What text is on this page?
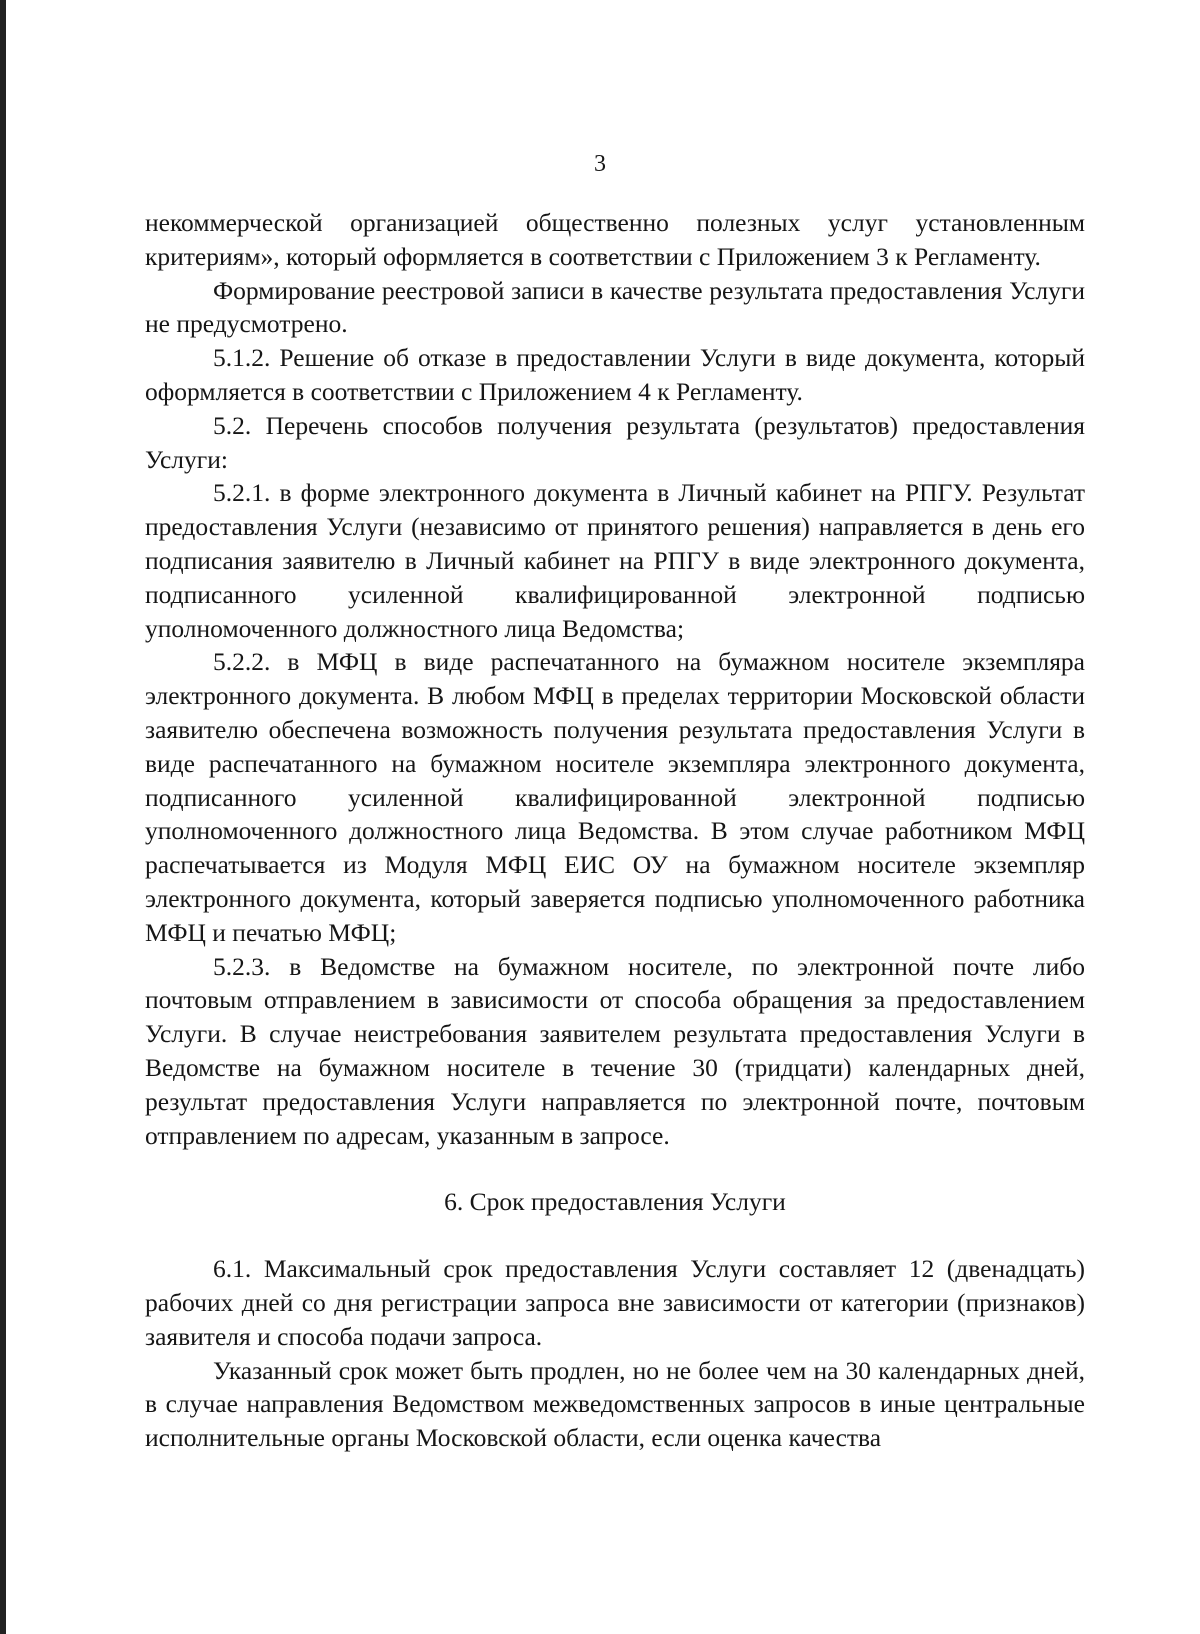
3

некоммерческой организацией общественно полезных услуг установленным критериям», который оформляется в соответствии с Приложением 3 к Регламенту.

Формирование реестровой записи в качестве результата предоставления Услуги не предусмотрено.

5.1.2. Решение об отказе в предоставлении Услуги в виде документа, который оформляется в соответствии с Приложением 4 к Регламенту.

5.2. Перечень способов получения результата (результатов) предоставления Услуги:

5.2.1. в форме электронного документа в Личный кабинет на РПГУ. Результат предоставления Услуги (независимо от принятого решения) направляется в день его подписания заявителю в Личный кабинет на РПГУ в виде электронного документа, подписанного усиленной квалифицированной электронной подписью уполномоченного должностного лица Ведомства;

5.2.2. в МФЦ в виде распечатанного на бумажном носителе экземпляра электронного документа. В любом МФЦ в пределах территории Московской области заявителю обеспечена возможность получения результата предоставления Услуги в виде распечатанного на бумажном носителе экземпляра электронного документа, подписанного усиленной квалифицированной электронной подписью уполномоченного должностного лица Ведомства. В этом случае работником МФЦ распечатывается из Модуля МФЦ ЕИС ОУ на бумажном носителе экземпляр электронного документа, который заверяется подписью уполномоченного работника МФЦ и печатью МФЦ;

5.2.3. в Ведомстве на бумажном носителе, по электронной почте либо почтовым отправлением в зависимости от способа обращения за предоставлением Услуги. В случае неистребования заявителем результата предоставления Услуги в Ведомстве на бумажном носителе в течение 30 (тридцати) календарных дней, результат предоставления Услуги направляется по электронной почте, почтовым отправлением по адресам, указанным в запросе.

6. Срок предоставления Услуги

6.1. Максимальный срок предоставления Услуги составляет 12 (двенадцать) рабочих дней со дня регистрации запроса вне зависимости от категории (признаков) заявителя и способа подачи запроса.

Указанный срок может быть продлен, но не более чем на 30 календарных дней, в случае направления Ведомством межведомственных запросов в иные центральные исполнительные органы Московской области, если оценка качества
